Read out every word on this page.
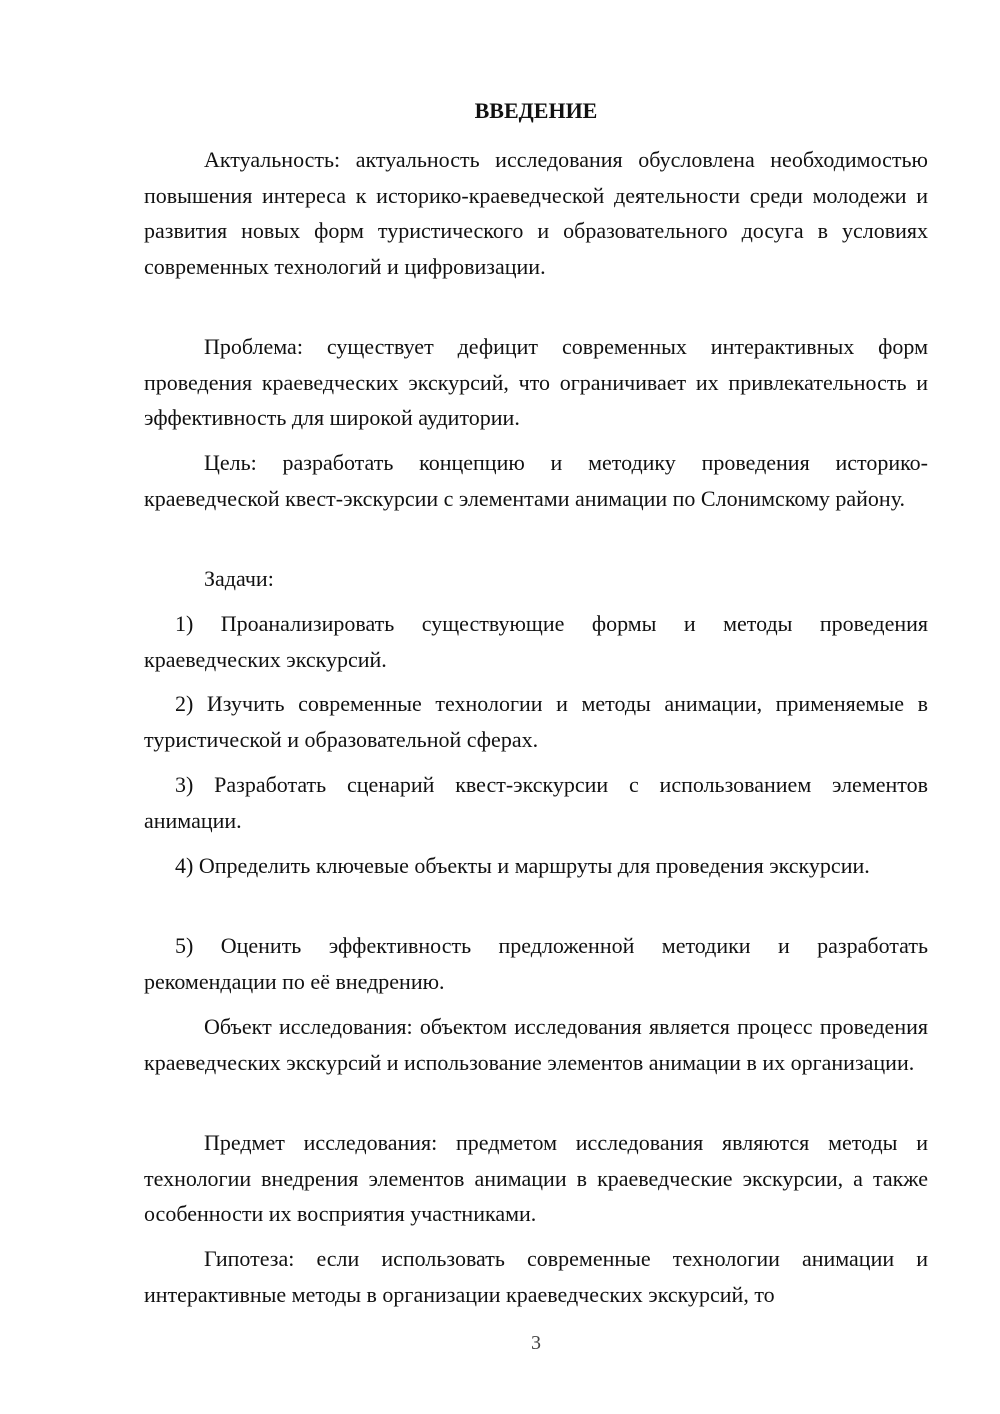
ВВЕДЕНИЕ

Актуальность: актуальность исследования обусловлена необходимостью повышения интереса к историко-краеведческой деятельности среди молодежи и развития новых форм туристического и образовательного досуга в условиях современных технологий и цифровизации.

Проблема: существует дефицит современных интерактивных форм проведения краеведческих экскурсий, что ограничивает их привлекательность и эффективность для широкой аудитории.

Цель: разработать концепцию и методику проведения историко-краеведческой квест-экскурсии с элементами анимации по Слонимскому району.

Задачи:

1) Проанализировать существующие формы и методы проведения краеведческих экскурсий.

2) Изучить современные технологии и методы анимации, применяемые в туристической и образовательной сферах.

3) Разработать сценарий квест-экскурсии с использованием элементов анимации.

4) Определить ключевые объекты и маршруты для проведения экскурсии.

5) Оценить эффективность предложенной методики и разработать рекомендации по её внедрению.

Объект исследования: объектом исследования является процесс проведения краеведческих экскурсий и использование элементов анимации в их организации.

Предмет исследования: предметом исследования являются методы и технологии внедрения элементов анимации в краеведческие экскурсии, а также особенности их восприятия участниками.

Гипотеза: если использовать современные технологии анимации и интерактивные методы в организации краеведческих экскурсий, то

3
